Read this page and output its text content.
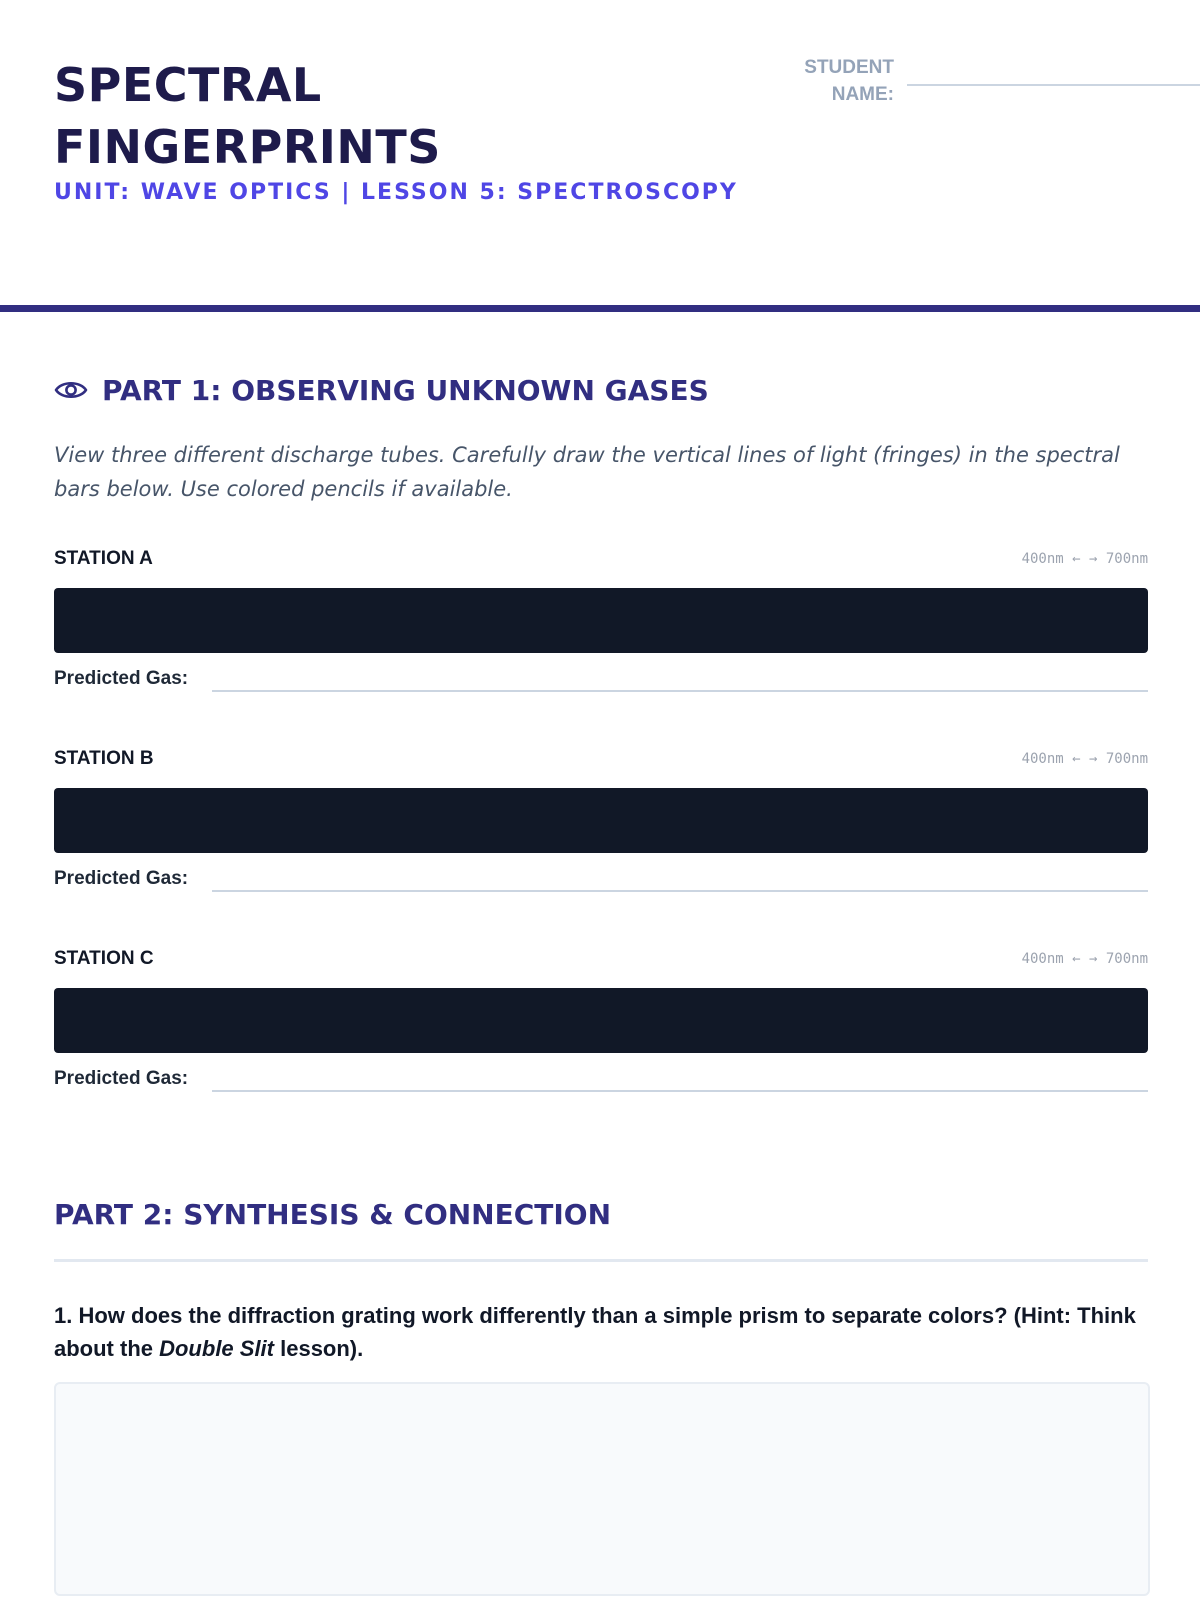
SPECTRAL FINGERPRINTS
UNIT: WAVE OPTICS | LESSON 5: SPECTROSCOPY
STUDENT
NAME:
PART 1: OBSERVING UNKNOWN GASES

View three different discharge tubes. Carefully draw the vertical lines of light (fringes) in the spectral bars below. Use colored pencils if available.

STATION A	400nm ← → 700nm
Predicted Gas:
STATION B	400nm ← → 700nm
Predicted Gas:
STATION C	400nm ← → 700nm
Predicted Gas:
PART 2: SYNTHESIS & CONNECTION

1. How does the diffraction grating work differently than a simple prism to separate colors? (Hint: Think about the Double Slit lesson).
